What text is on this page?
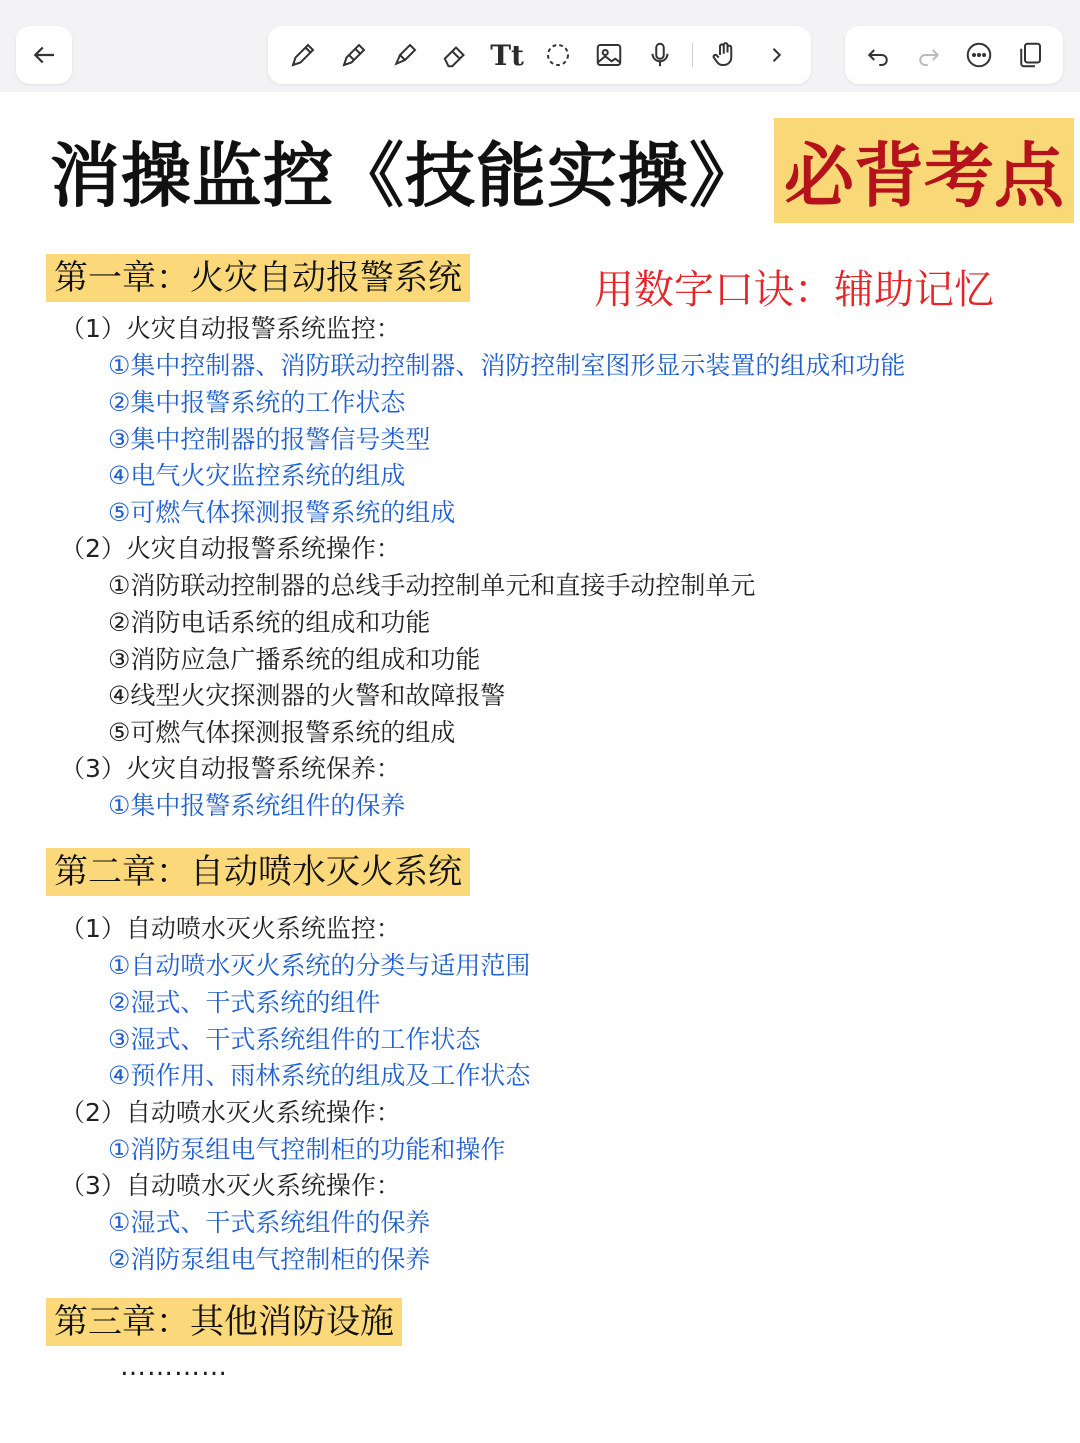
Tt
消操监控《技能实操》 必背考点
用数字口诀：辅助记忆
第一章：火灾自动报警系统
（1）火灾自动报警系统监控：
①集中控制器、消防联动控制器、消防控制室图形显示装置的组成和功能
②集中报警系统的工作状态
③集中控制器的报警信号类型
④电气火灾监控系统的组成
⑤可燃气体探测报警系统的组成
（2）火灾自动报警系统操作：
①消防联动控制器的总线手动控制单元和直接手动控制单元
②消防电话系统的组成和功能
③消防应急广播系统的组成和功能
④线型火灾探测器的火警和故障报警
⑤可燃气体探测报警系统的组成
（3）火灾自动报警系统保养：
①集中报警系统组件的保养
第二章：自动喷水灭火系统
（1）自动喷水灭火系统监控：
①自动喷水灭火系统的分类与适用范围
②湿式、干式系统的组件
③湿式、干式系统组件的工作状态
④预作用、雨林系统的组成及工作状态
（2）自动喷水灭火系统操作：
①消防泵组电气控制柜的功能和操作
（3）自动喷水灭火系统操作：
①湿式、干式系统组件的保养
②消防泵组电气控制柜的保养
第三章：其他消防设施
…………
